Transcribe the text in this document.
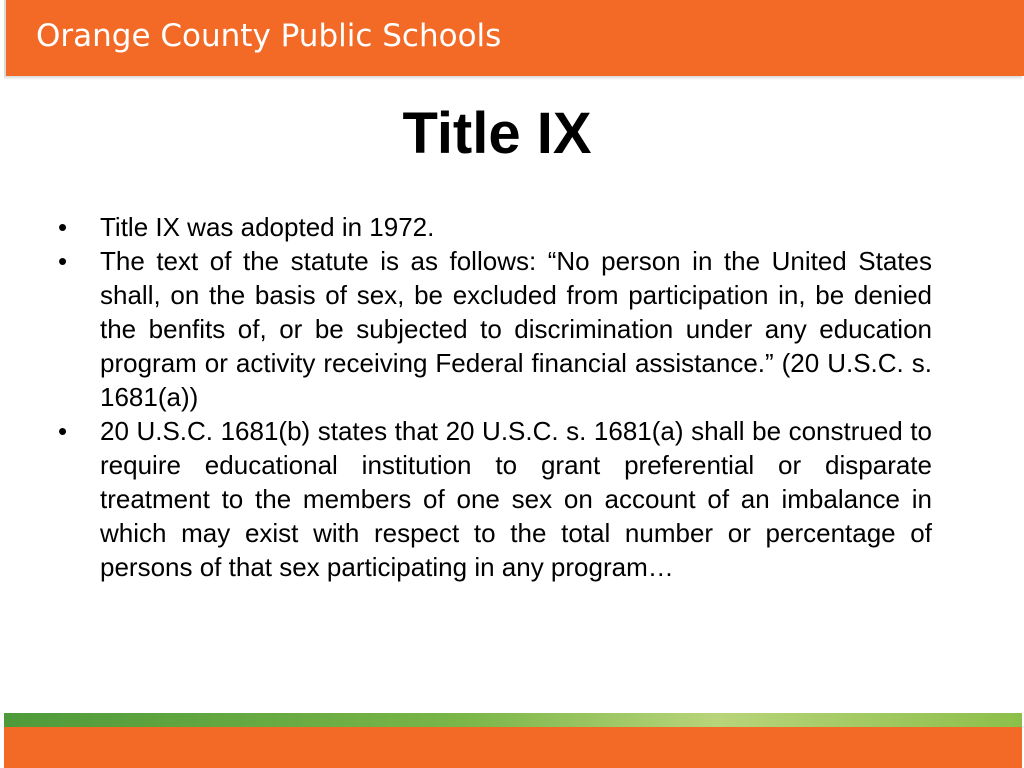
Orange County Public Schools
Title IX
•	Title IX was adopted in 1972.
•	The text of the statute is as follows: “No person in the United States shall, on the basis of sex, be excluded from participation in, be denied the benfits of, or be subjected to discrimination under any education program or activity receiving Federal financial assistance.” (20 U.S.C. s. 1681(a))
•	20 U.S.C. 1681(b) states that 20 U.S.C. s. 1681(a) shall be construed to require educational institution to grant preferential or disparate treatment to the members of one sex on account of an imbalance in which may exist with respect to the total number or percentage of persons of that sex participating in any program…
